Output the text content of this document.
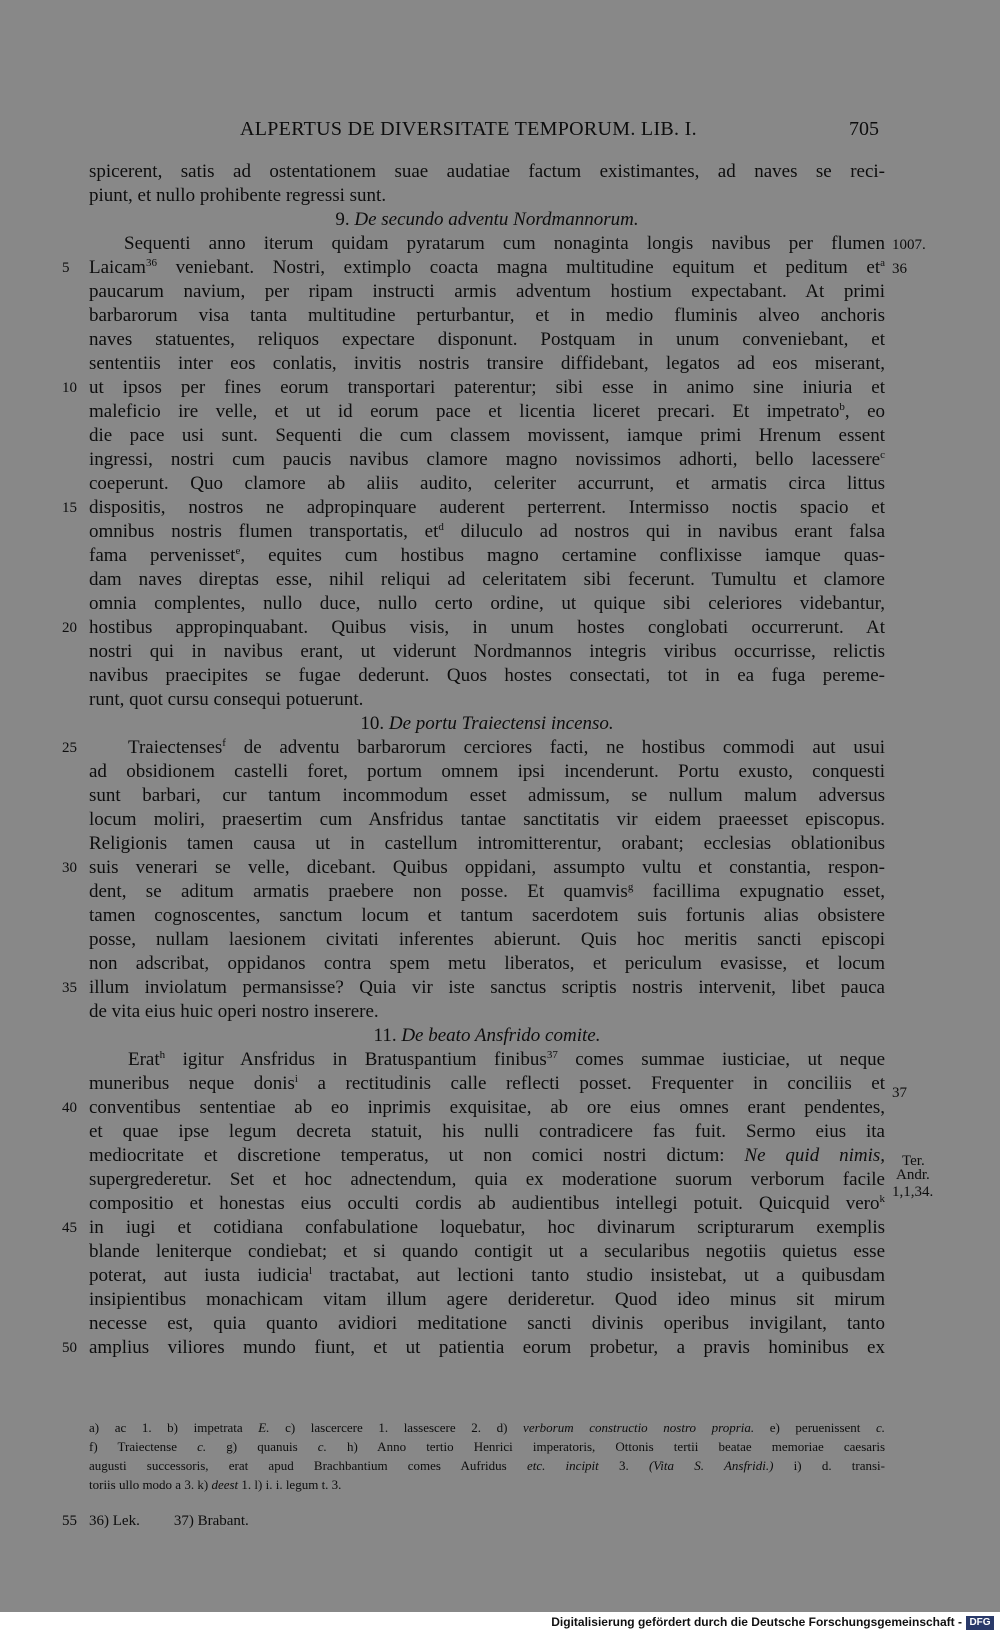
ALPERTUS DE DIVERSITATE TEMPORUM. LIB. I.	705
spicerent, satis ad ostentationem suae audatiae factum existimantes, ad naves se reci-
piunt, et nullo prohibente regressi sunt.
9. De secundo adventu Nordmannorum.
Sequenti anno iterum quidam pyratarum cum nonaginta longis navibus per flumen
Laicam$^{36}$ veniebant. Nostri, extimplo coacta magna multitudine equitum et peditum $et^a$
paucarum navium, per ripam instructi armis adventum hostium expectabant. At primi
barbarorum visa tanta multitudine perturbantur, et in medio fluminis alveo anchoris
naves statuentes, reliquos expectare disponunt. Postquam in unum conveniebant, et
sententiis inter eos conlatis, invitis nostris transire diffidebant, legatos ad eos miserant,
ut ipsos per fines eorum transportari paterentur; sibi esse in animo sine iniuria et
maleficio ire velle, et ut id eorum pace et licentia liceret precari. Et impetrato$^b$, eo
die pace usi sunt. Sequenti die cum classem movissent, iamque primi Hrenum essent
ingressi, nostri cum paucis navibus clamore magno novissimos adhorti, bello lacessere$^c$
coeperunt. Quo clamore ab aliis audito, celeriter accurrunt, et armatis circa littus
dispositis, nostros ne adpropinquare auderent perterrent. Intermisso noctis spacio et
omnibus nostris flumen transportatis, $et^d$ diluculo ad nostros qui in navibus erant falsa
fama pervenisset$^e$, equites cum hostibus magno certamine conflixisse iamque quas-
dam naves direptas esse, nihil reliqui ad celeritatem sibi fecerunt. Tumultu et clamore
omnia complentes, nullo duce, nullo certo ordine, ut quique sibi celeriores videbantur,
hostibus appropinquabant. Quibus visis, in unum hostes conglobati occurrerunt. At
nostri qui in navibus erant, ut viderunt Nordmannos integris viribus occurrisse, relictis
navibus praecipites se fugae dederunt. Quos hostes consectati, tot in ea fuga pereme-
runt, quot cursu consequi potuerunt.
10. De portu Traiectensi incenso.
Traiectenses$^f$ de adventu barbarorum cerciores facti, ne hostibus commodi aut usui
ad obsidionem castelli foret, portum omnem ipsi incenderunt. Portu exusto, conquesti
sunt barbari, cur tantum incommodum esset admissum, se nullum malum adversus
locum moliri, praesertim cum Ansfridus tantae sanctitatis vir eidem praeesset episcopus.
Religionis tamen causa ut in castellum intromitterentur, orabant; ecclesias oblationibus
suis venerari se velle, dicebant. Quibus oppidani, assumpto vultu et constantia, respon-
dent, se aditum armatis praebere non posse. Et quamvis$^g$ facillima expugnatio esset,
tamen cognoscentes, sanctum locum et tantum sacerdotem suis fortunis alias obsistere
posse, nullam laesionem civitati inferentes abierunt. Quis hoc meritis sancti episcopi
non adscribat, oppidanos contra spem metu liberatos, et periculum evasisse, et locum
illum inviolatum permansisse? Quia vir iste sanctus scriptis nostris intervenit, libet pauca
de vita eius huic operi nostro inserere.
11. De beato Ansfrido comite.
Erat$^h$ igitur Ansfridus in Bratuspantium finibus$^{37}$ comes summae iusticiae, ut neque
muneribus neque donis$^i$ a rectitudinis calle reflecti posset. Frequenter in conciliis et
conventibus sententiae ab eo inprimis exquisitae, ab ore eius omnes erant pendentes,
et quae ipse legum decreta statuit, his nulli contradicere fas fuit. Sermo eius ita
mediocritate et discretione temperatus, ut non comici nostri dictum: Ne quid nimis,
supergrederetur. Set et hoc adnectendum, quia ex moderatione suorum verborum facile
compositio et honestas eius occulti cordis ab audientibus intellegi potuit. Quicquid vero$^k$
in iugi et cotidiana confabulatione loquebatur, hoc divinarum scripturarum exemplis
blande leniterque condiebat; et si quando contigit ut a secularibus negotiis quietus esse
poterat, aut iusta iudicia$^l$ tractabat, aut lectioni tanto studio insistebat, ut a quibusdam
insipientibus monachicam vitam illum agere derideretur. Quod ideo minus sit mirum
necesse est, quia quanto avidiori meditatione sancti divinis operibus invigilant, tanto
amplius viliores mundo fiunt, et ut patientia eorum probetur, a pravis hominibus ex
5
10
15
20
25
30
35
40
45
50
1007.
36
37
Ter.
Andr.
1,1,34.
a) ac 1. b) impetrata E. c) lascercere 1. lassescere 2. d) verborum constructio nostro propria. e) peruenissent c.
f) Traiectense c. g) quanuis c. h) Anno tertio Henrici imperatoris, Ottonis tertii beatae memoriae caesaris
augusti successoris, erat apud Brachbantium comes Aufridus etc. incipit 3. (Vita S. Ansfridi.) i) d. transi-
toriis ullo modo a 3. k) deest 1. l) i. i. legum t. 3.
55 36) Lek. 37) Brabant.
Digitalisierung gefördert durch die Deutsche Forschungsgemeinschaft - DFG
